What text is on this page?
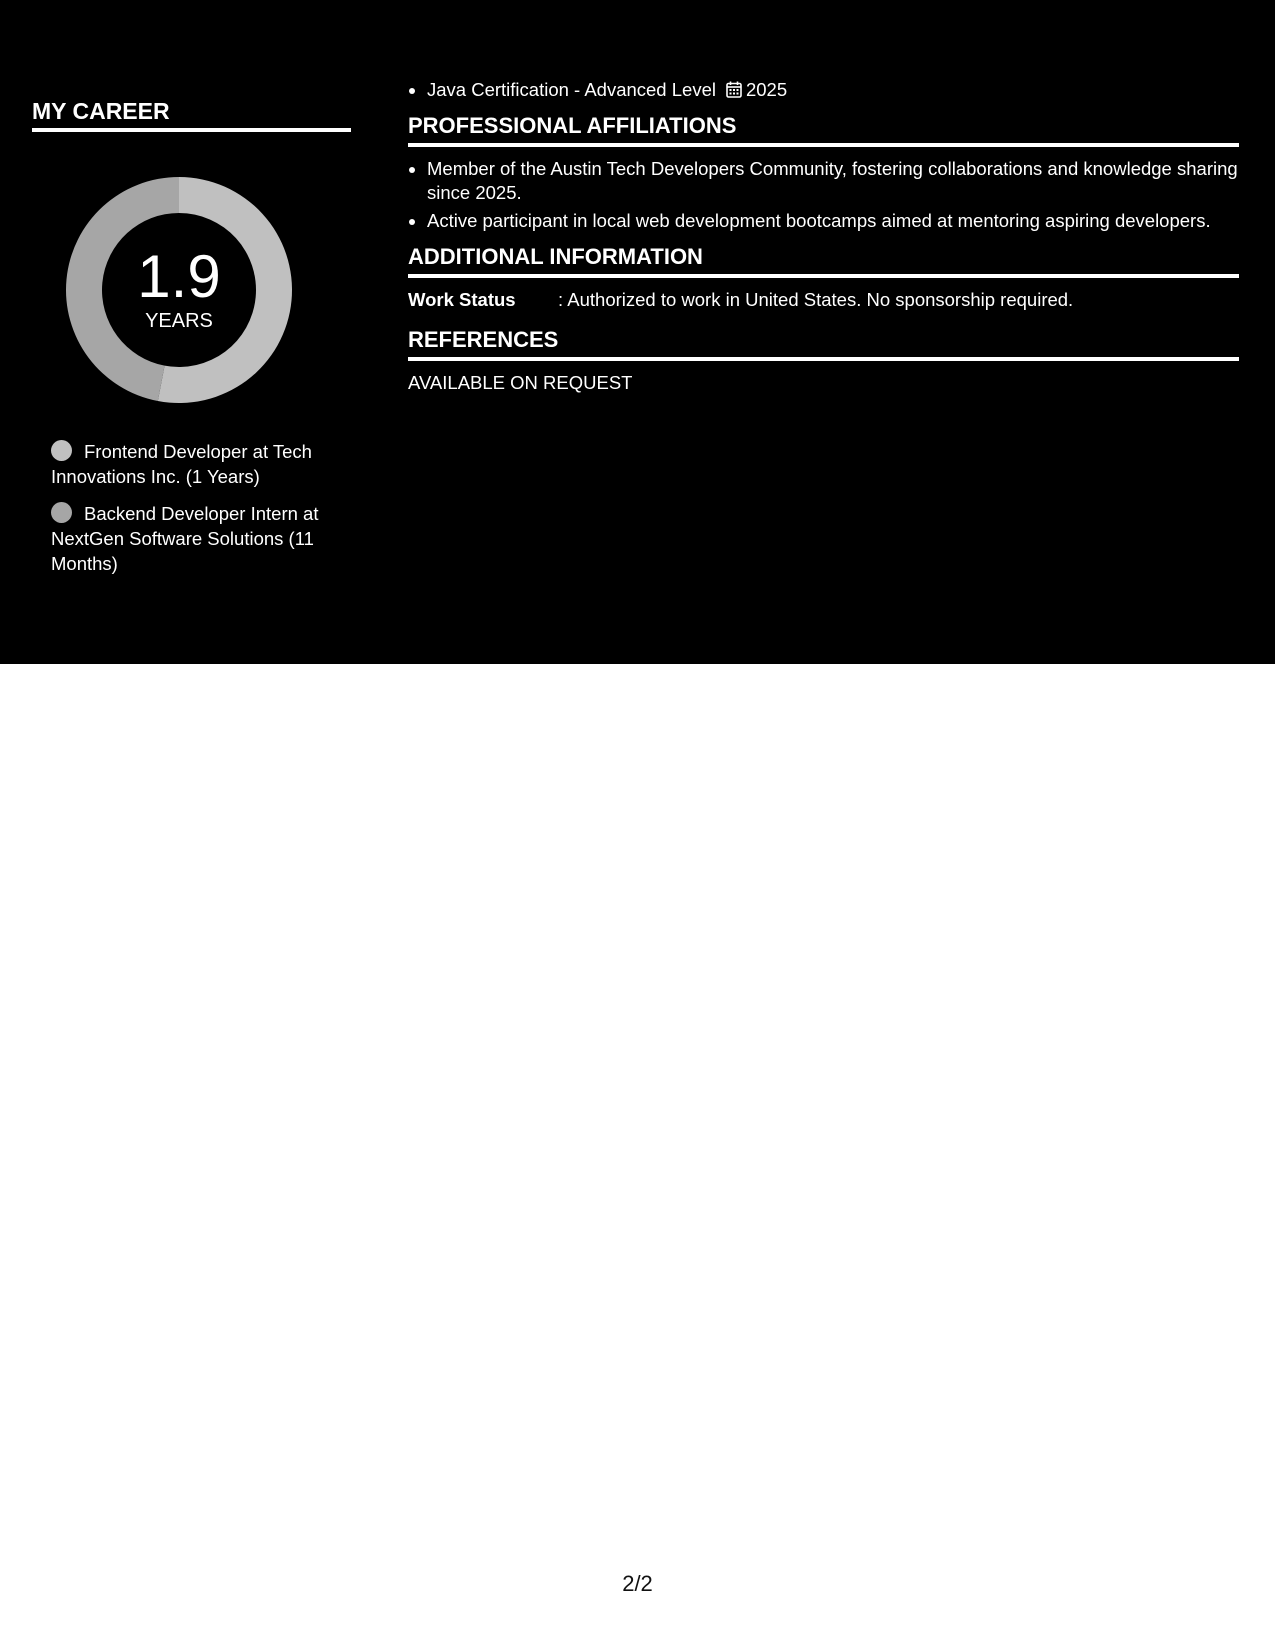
MY CAREER
1.9
YEARS
Frontend Developer at Tech Innovations Inc. (1 Years)
Backend Developer Intern at NextGen Software Solutions (11 Months)
• Java Certification - Advanced Level 2025
PROFESSIONAL AFFILIATIONS
• Member of the Austin Tech Developers Community, fostering collaborations and knowledge sharing since 2025.
• Active participant in local web development bootcamps aimed at mentoring aspiring developers.
ADDITIONAL INFORMATION
Work Status	: Authorized to work in United States. No sponsorship required.
REFERENCES
AVAILABLE ON REQUEST
2/2
